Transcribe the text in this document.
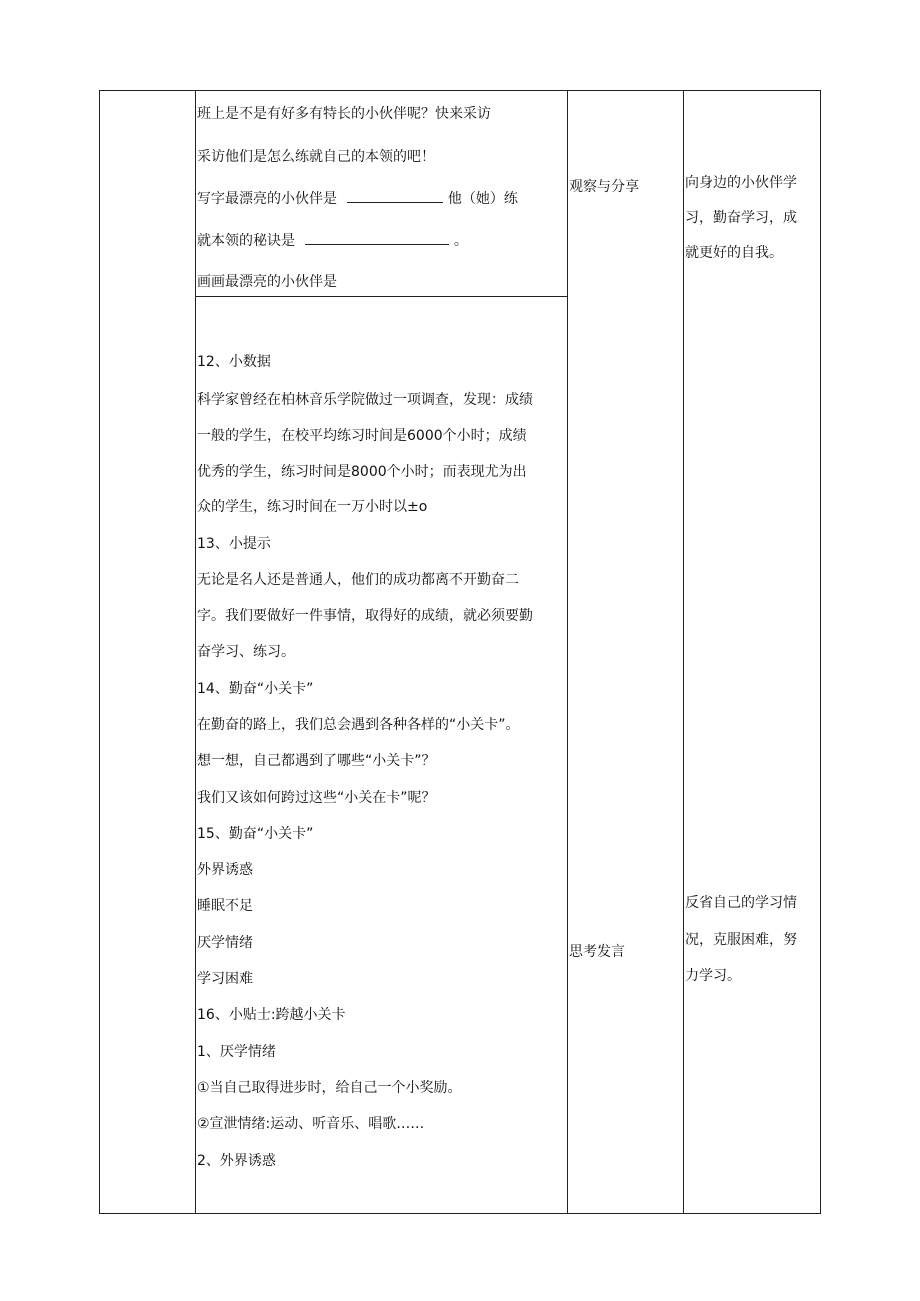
班上是不是有好多有特长的小伙伴呢？快来采访
采访他们是怎么练就自己的本领的吧！
写字最漂亮的小伙伴是	他（她）练
就本领的秘诀是	。
画画最漂亮的小伙伴是
12、小数据
科学家曾经在柏林音乐学院做过一项调查，发现：成绩
一般的学生，在校平均练习时间是6000个小时；成绩
优秀的学生，练习时间是8000个小时；而表现尤为出
众的学生，练习时间在一万小时以±o
13、小提示
无论是名人还是普通人，他们的成功都离不开勤奋二
字。我们要做好一件事情，取得好的成绩，就必须要勤
奋学习、练习。
14、勤奋“小关卡”
在勤奋的路上，我们总会遇到各种各样的“小关卡”。
想一想，自己都遇到了哪些“小关卡”？
我们又该如何跨过这些“小关在卡”呢？
15、勤奋“小关卡”
外界诱惑
睡眠不足
厌学情绪
学习困难
16、小贴士:跨越小关卡
1、厌学情绪
①当自己取得进步时，给自己一个小奖励。
②宣泄情绪:运动、听音乐、唱歌……
2、外界诱惑
观察与分享
思考发言
向身边的小伙伴学
习，勤奋学习，成
就更好的自我。
反省自己的学习情
况，克服困难，努
力学习。
